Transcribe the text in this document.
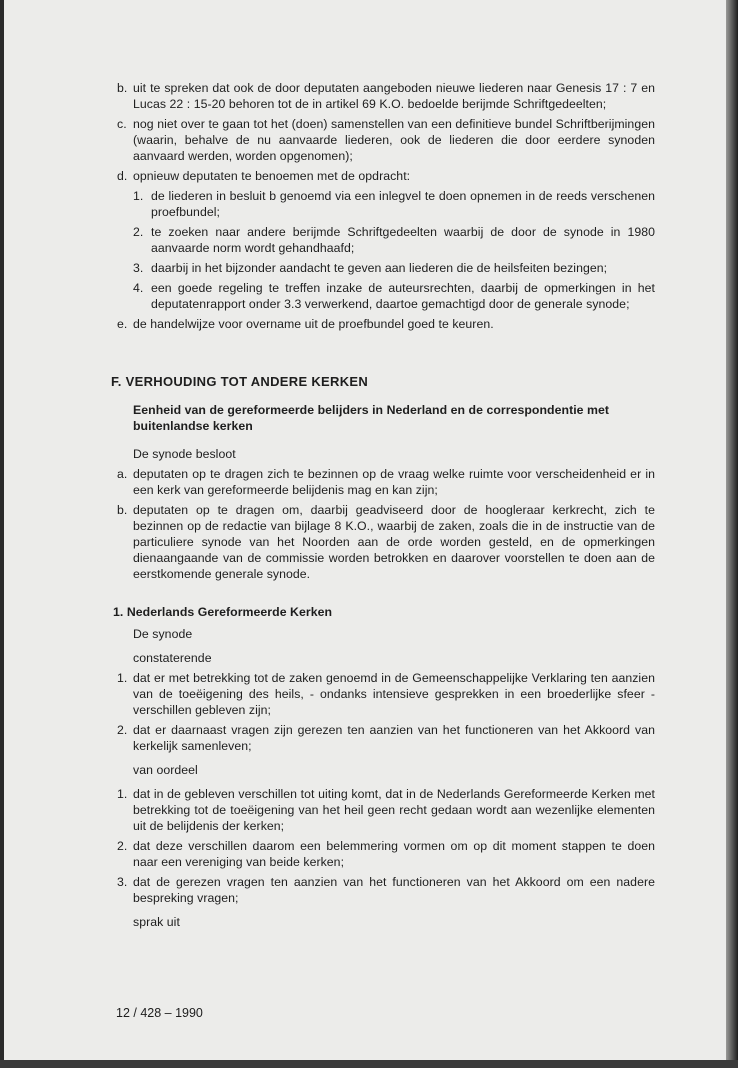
b. uit te spreken dat ook de door deputaten aangeboden nieuwe liederen naar Genesis 17 : 7 en Lucas 22 : 15-20 behoren tot de in artikel 69 K.O. bedoelde berijmde Schriftgedeelten;
c. nog niet over te gaan tot het (doen) samenstellen van een definitieve bundel Schriftberijmingen (waarin, behalve de nu aanvaarde liederen, ook de liederen die door eerdere synoden aanvaard werden, worden opgenomen);
d. opnieuw deputaten te benoemen met de opdracht:
1. de liederen in besluit b genoemd via een inlegvel te doen opnemen in de reeds verschenen proefbundel;
2. te zoeken naar andere berijmde Schriftgedeelten waarbij de door de synode in 1980 aanvaarde norm wordt gehandhaafd;
3. daarbij in het bijzonder aandacht te geven aan liederen die de heilsfeiten bezingen;
4. een goede regeling te treffen inzake de auteursrechten, daarbij de opmerkingen in het deputatenrapport onder 3.3 verwerkend, daartoe gemachtigd door de generale synode;
e. de handelwijze voor overname uit de proefbundel goed te keuren.
F. VERHOUDING TOT ANDERE KERKEN
Eenheid van de gereformeerde belijders in Nederland en de correspondentie met buitenlandse kerken
De synode besloot
a. deputaten op te dragen zich te bezinnen op de vraag welke ruimte voor verscheidenheid er in een kerk van gereformeerde belijdenis mag en kan zijn;
b. deputaten op te dragen om, daarbij geadviseerd door de hoogleraar kerkrecht, zich te bezinnen op de redactie van bijlage 8 K.O., waarbij de zaken, zoals die in de instructie van de particuliere synode van het Noorden aan de orde worden gesteld, en de opmerkingen dienaangaande van de commissie worden betrokken en daarover voorstellen te doen aan de eerstkomende generale synode.
1. Nederlands Gereformeerde Kerken
De synode
constaterende
1. dat er met betrekking tot de zaken genoemd in de Gemeenschappelijke Verklaring ten aanzien van de toeëigening des heils, - ondanks intensieve gesprekken in een broederlijke sfeer - verschillen gebleven zijn;
2. dat er daarnaast vragen zijn gerezen ten aanzien van het functioneren van het Akkoord van kerkelijk samenleven;
van oordeel
1. dat in de gebleven verschillen tot uiting komt, dat in de Nederlands Gereformeerde Kerken met betrekking tot de toeëigening van het heil geen recht gedaan wordt aan wezenlijke elementen uit de belijdenis der kerken;
2. dat deze verschillen daarom een belemmering vormen om op dit moment stappen te doen naar een vereniging van beide kerken;
3. dat de gerezen vragen ten aanzien van het functioneren van het Akkoord om een nadere bespreking vragen;
sprak uit
12 / 428 – 1990
